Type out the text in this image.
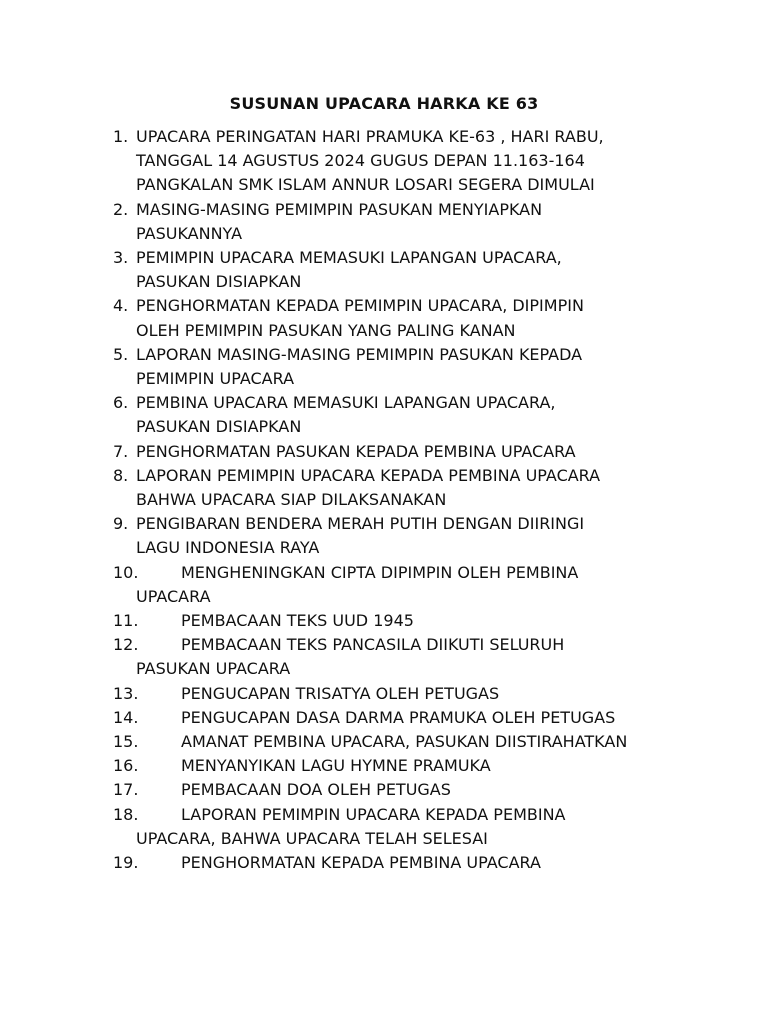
SUSUNAN UPACARA HARKA KE 63
1. UPACARA PERINGATAN HARI PRAMUKA KE-63 , HARI RABU,
TANGGAL 14 AGUSTUS 2024 GUGUS DEPAN 11.163-164
PANGKALAN SMK ISLAM ANNUR LOSARI SEGERA DIMULAI
2. MASING-MASING PEMIMPIN PASUKAN MENYIAPKAN
PASUKANNYA
3. PEMIMPIN UPACARA MEMASUKI LAPANGAN UPACARA,
PASUKAN DISIAPKAN
4. PENGHORMATAN KEPADA PEMIMPIN UPACARA, DIPIMPIN
OLEH PEMIMPIN PASUKAN YANG PALING KANAN
5. LAPORAN MASING-MASING PEMIMPIN PASUKAN KEPADA
PEMIMPIN UPACARA
6. PEMBINA UPACARA MEMASUKI LAPANGAN UPACARA,
PASUKAN DISIAPKAN
7. PENGHORMATAN PASUKAN KEPADA PEMBINA UPACARA
8. LAPORAN PEMIMPIN UPACARA KEPADA PEMBINA UPACARA
BAHWA UPACARA SIAP DILAKSANAKAN
9. PENGIBARAN BENDERA MERAH PUTIH DENGAN DIIRINGI
LAGU INDONESIA RAYA
10.	MENGHENINGKAN CIPTA DIPIMPIN OLEH PEMBINA
UPACARA
11.	PEMBACAAN TEKS UUD 1945
12.	PEMBACAAN TEKS PANCASILA DIIKUTI SELURUH
PASUKAN UPACARA
13.	PENGUCAPAN TRISATYA OLEH PETUGAS
14.	PENGUCAPAN DASA DARMA PRAMUKA OLEH PETUGAS
15.	AMANAT PEMBINA UPACARA, PASUKAN DIISTIRAHATKAN
16.	MENYANYIKAN LAGU HYMNE PRAMUKA
17.	PEMBACAAN DOA OLEH PETUGAS
18.	LAPORAN PEMIMPIN UPACARA KEPADA PEMBINA
UPACARA, BAHWA UPACARA TELAH SELESAI
19.	PENGHORMATAN KEPADA PEMBINA UPACARA
